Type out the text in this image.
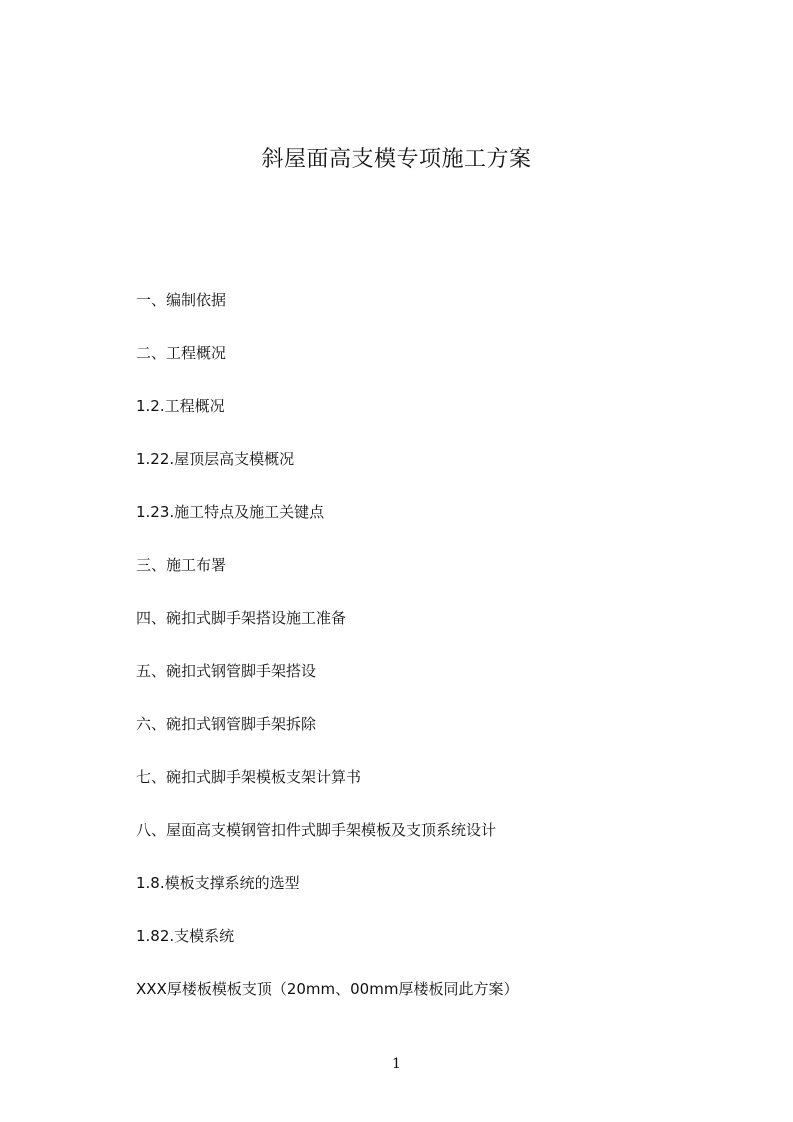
斜屋面高支模专项施工方案
一、编制依据
二、工程概况
1.2.工程概况
1.22.屋顶层高支模概况
1.23.施工特点及施工关键点
三、施工布署
四、碗扣式脚手架搭设施工准备
五、碗扣式钢管脚手架搭设
六、碗扣式钢管脚手架拆除
七、碗扣式脚手架模板支架计算书
八、屋面高支模钢管扣件式脚手架模板及支顶系统设计
1.8.模板支撑系统的选型
1.82.支模系统
XXX厚楼板模板支顶（20mm、00mm厚楼板同此方案）
1
